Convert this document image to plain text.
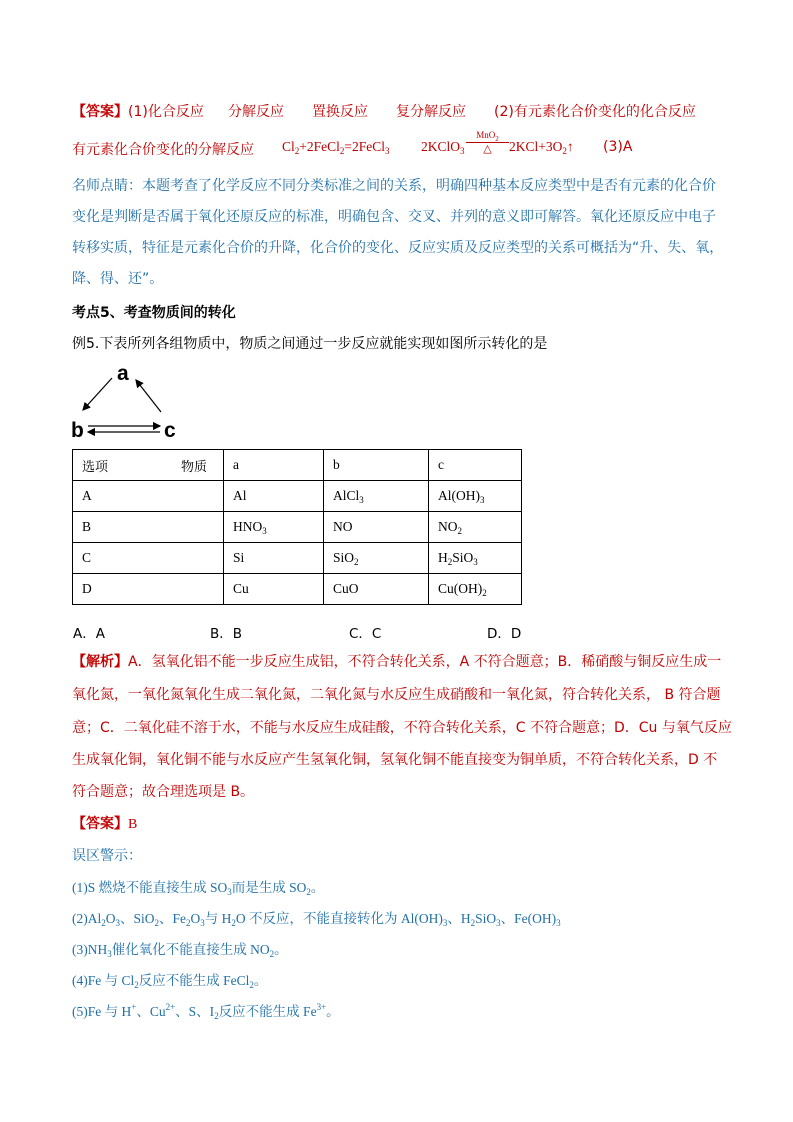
【答案】(1)化合反应 分解反应 置换反应 复分解反应 (2)有元素化合价变化的化合反应
有元素化合价变化的分解反应 $Cl_2+2FeCl_2=2FeCl_3$ 2KClO$_3$
MnO$_2$
△	$2KCl+3O_2↑$ (3)A
名师点睛：本题考查了化学反应不同分类标准之间的关系，明确四种基本反应类型中是否有元素的化合价
变化是判断是否属于氧化还原反应的标准，明确包含、交叉、并列的意义即可解答。氧化还原反应中电子
转移实质，特征是元素化合价的升降，化合价的变化、反应实质及反应类型的关系可概括为“升、失、氧，
降、得、还”。
考点5、考查物质间的转化
例5.下表所列各组物质中，物质之间通过一步反应就能实现如图所示转化的是
a
b	c
选项 物质	a	b	c
A	Al	AlCl$_3$	$Al(OH)_3$
B	$HNO_3$	NO	$NO_2$
C	Si	SiO$_2$	$H_2SiO_3$
D	Cu	CuO	$Cu(OH)_2$
A．A	B．B	C．C	D．D
【解析】A．氢氧化铝不能一步反应生成铝，不符合转化关系，A 不符合题意；B．稀硝酸与铜反应生成一
氧化氮，一氧化氮氧化生成二氧化氮，二氧化氮与水反应生成硝酸和一氧化氮，符合转化关系， B 符合题
意；C．二氧化硅不溶于水，不能与水反应生成硅酸，不符合转化关系，C 不符合题意；D．Cu 与氧气反应
生成氧化铜，氧化铜不能与水反应产生氢氧化铜，氢氧化铜不能直接变为铜单质，不符合转化关系，D 不
符合题意；故合理选项是 B。
【答案】B
误区警示：
(1)S 燃烧不能直接生成 $SO_3$而是生成 $SO_2$。
$(2)Al_2O_3$、SiO$_2$、$Fe_2O_3$与 $H_2O$ 不反应，不能直接转化为 $Al(OH)_3$、$H_2SiO_3$、$Fe(OH)_3$
$(3)NH_3$催化氧化不能直接生成 $NO_2$。
(4)Fe 与 $Cl_2$反应不能生成 FeCl$_2$。
(5)Fe 与 H+、$Cu^{2+}$、S、$I_2$反应不能生成 $Fe^{3+}$。
